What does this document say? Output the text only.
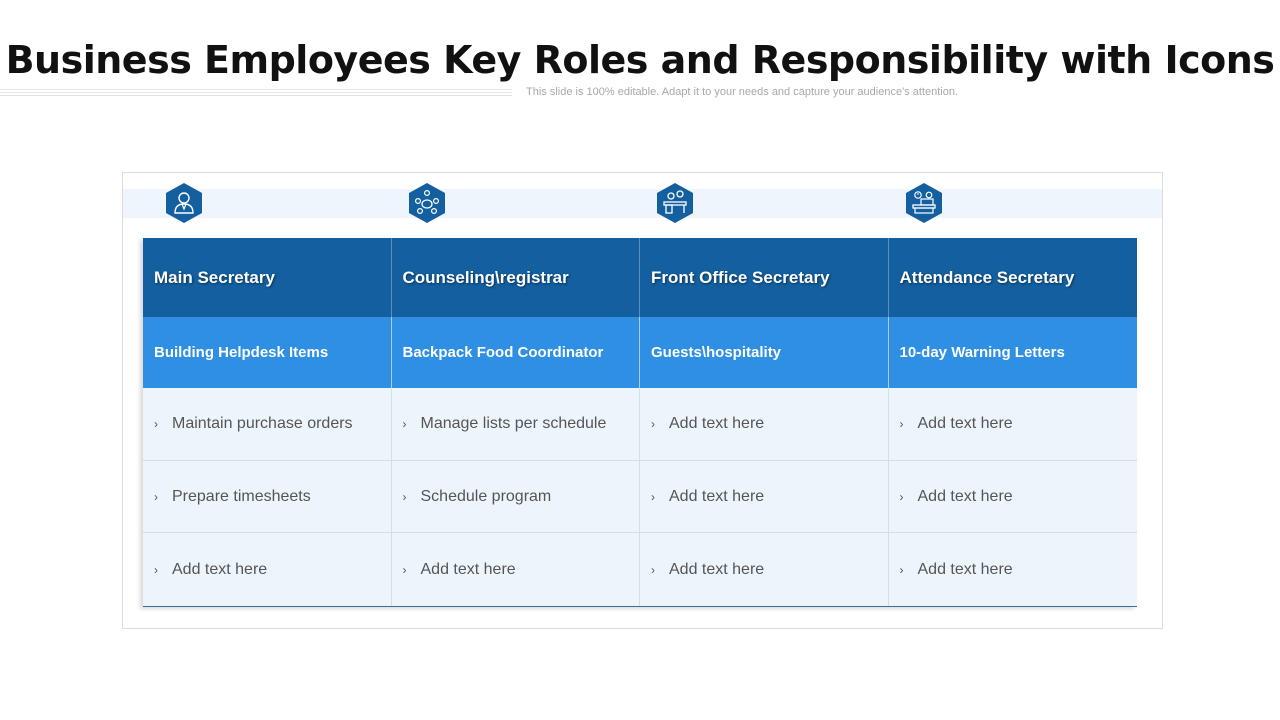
Business Employees Key Roles and Responsibility with Icons
This slide is 100% editable. Adapt it to your needs and capture your audience's attention.
Main Secretary	Counseling\registrar	Front Office Secretary	Attendance Secretary
Building Helpdesk Items	Backpack Food Coordinator	Guests\hospitality	10-day Warning Letters
› Maintain purchase orders	› Manage lists per schedule	› Add text here	› Add text here
› Prepare timesheets	› Schedule program	› Add text here	› Add text here
› Add text here	› Add text here	› Add text here	› Add text here
